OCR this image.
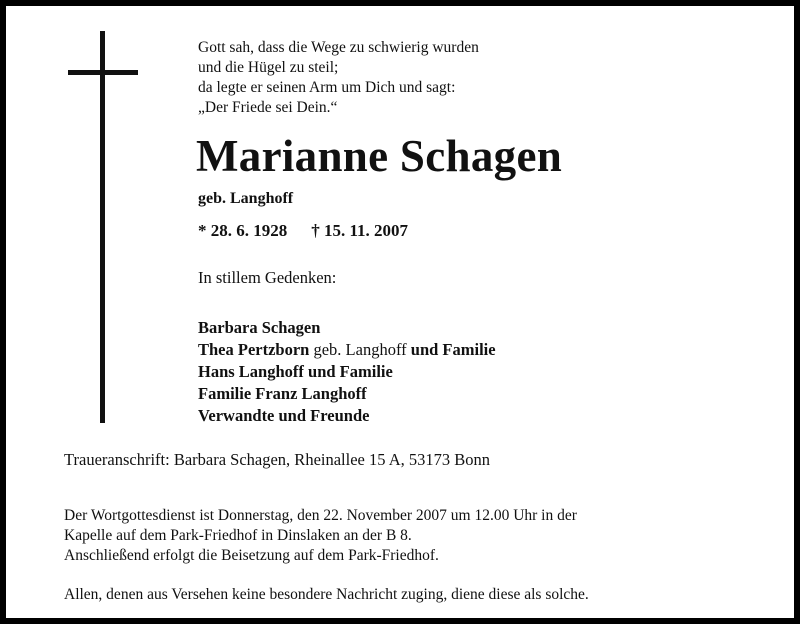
Gott sah, dass die Wege zu schwierig wurden
und die Hügel zu steil;
da legte er seinen Arm um Dich und sagt:
„Der Friede sei Dein.“
Marianne Schagen
geb. Langhoff
* 28. 6. 1928 † 15. 11. 2007
In stillem Gedenken:
Barbara Schagen
Thea Pertzborn geb. Langhoff und Familie
Hans Langhoff und Familie
Familie Franz Langhoff
Verwandte und Freunde
Traueranschrift: Barbara Schagen, Rheinallee 15 A, 53173 Bonn
Der Wortgottesdienst ist Donnerstag, den 22. November 2007 um 12.00 Uhr in der
Kapelle auf dem Park-Friedhof in Dinslaken an der B 8.
Anschließend erfolgt die Beisetzung auf dem Park-Friedhof.
Allen, denen aus Versehen keine besondere Nachricht zuging, diene diese als solche.
